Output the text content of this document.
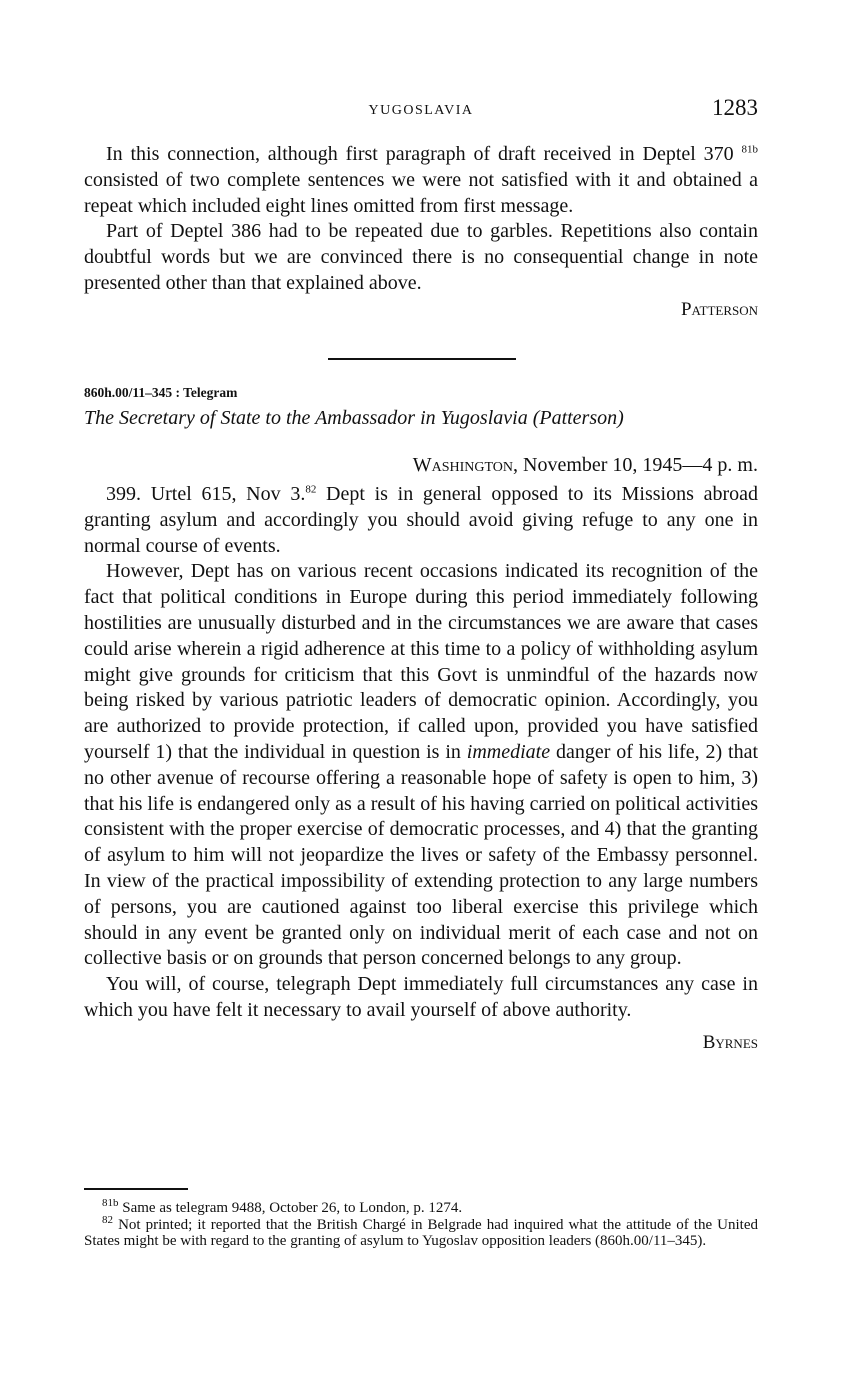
YUGOSLAVIA	1283

In this connection, although first paragraph of draft received in Deptel 370 $^{81b}$ consisted of two complete sentences we were not satisfied with it and obtained a repeat which included eight lines omitted from first message.

Part of Deptel 386 had to be repeated due to garbles. Repetitions also contain doubtful words but we are convinced there is no consequential change in note presented other than that explained above.

Patterson

860h.00/11–345 : Telegram
The Secretary of State to the Ambassador in Yugoslavia (Patterson)
Washington, November 10, 1945—4 p. m.

399. Urtel 615, Nov 3.82 Dept is in general opposed to its Missions abroad granting asylum and accordingly you should avoid giving refuge to any one in normal course of events.

However, Dept has on various recent occasions indicated its recognition of the fact that political conditions in Europe during this period immediately following hostilities are unusually disturbed and in the circumstances we are aware that cases could arise wherein a rigid adherence at this time to a policy of withholding asylum might give grounds for criticism that this Govt is unmindful of the hazards now being risked by various patriotic leaders of democratic opinion. Accordingly, you are authorized to provide protection, if called upon, provided you have satisfied yourself 1) that the individual in question is in immediate danger of his life, 2) that no other avenue of recourse offering a reasonable hope of safety is open to him, 3) that his life is endangered only as a result of his having carried on political activities consistent with the proper exercise of democratic processes, and 4) that the granting of asylum to him will not jeopardize the lives or safety of the Embassy personnel. In view of the practical impossibility of extending protection to any large numbers of persons, you are cautioned against too liberal exercise this privilege which should in any event be granted only on individual merit of each case and not on collective basis or on grounds that person concerned belongs to any group.

You will, of course, telegraph Dept immediately full circumstances any case in which you have felt it necessary to avail yourself of above authority.

Byrnes

$^{81b}$ Same as telegram 9488, October 26, to London, p. 1274.

$^{82}$ Not printed; it reported that the British Chargé in Belgrade had inquired what the attitude of the United States might be with regard to the granting of asylum to Yugoslav opposition leaders (860h.00/11–345).
